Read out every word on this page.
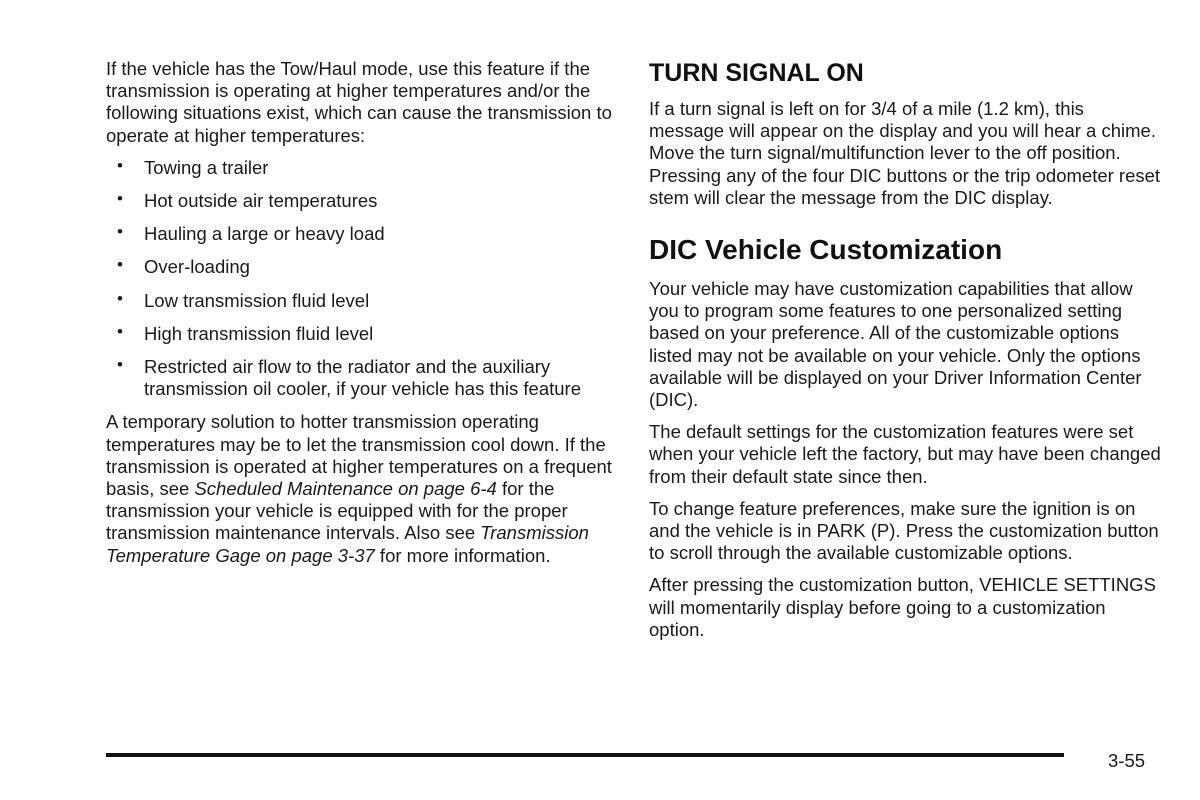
If the vehicle has the Tow/Haul mode, use this feature if the transmission is operating at higher temperatures and/or the following situations exist, which can cause the transmission to operate at higher temperatures:

• Towing a trailer
• Hot outside air temperatures
• Hauling a large or heavy load
• Over-loading
• Low transmission fluid level
• High transmission fluid level
• Restricted air flow to the radiator and the auxiliary transmission oil cooler, if your vehicle has this feature

A temporary solution to hotter transmission operating temperatures may be to let the transmission cool down. If the transmission is operated at higher temperatures on a frequent basis, see Scheduled Maintenance on page 6-4 for the transmission your vehicle is equipped with for the proper transmission maintenance intervals. Also see Transmission Temperature Gage on page 3-37 for more information.

TURN SIGNAL ON

If a turn signal is left on for 3/4 of a mile (1.2 km), this message will appear on the display and you will hear a chime. Move the turn signal/multifunction lever to the off position. Pressing any of the four DIC buttons or the trip odometer reset stem will clear the message from the DIC display.

DIC Vehicle Customization

Your vehicle may have customization capabilities that allow you to program some features to one personalized setting based on your preference. All of the customizable options listed may not be available on your vehicle. Only the options available will be displayed on your Driver Information Center (DIC).

The default settings for the customization features were set when your vehicle left the factory, but may have been changed from their default state since then.

To change feature preferences, make sure the ignition is on and the vehicle is in PARK (P). Press the customization button to scroll through the available customizable options.

After pressing the customization button, VEHICLE SETTINGS will momentarily display before going to a customization option.

3-55
